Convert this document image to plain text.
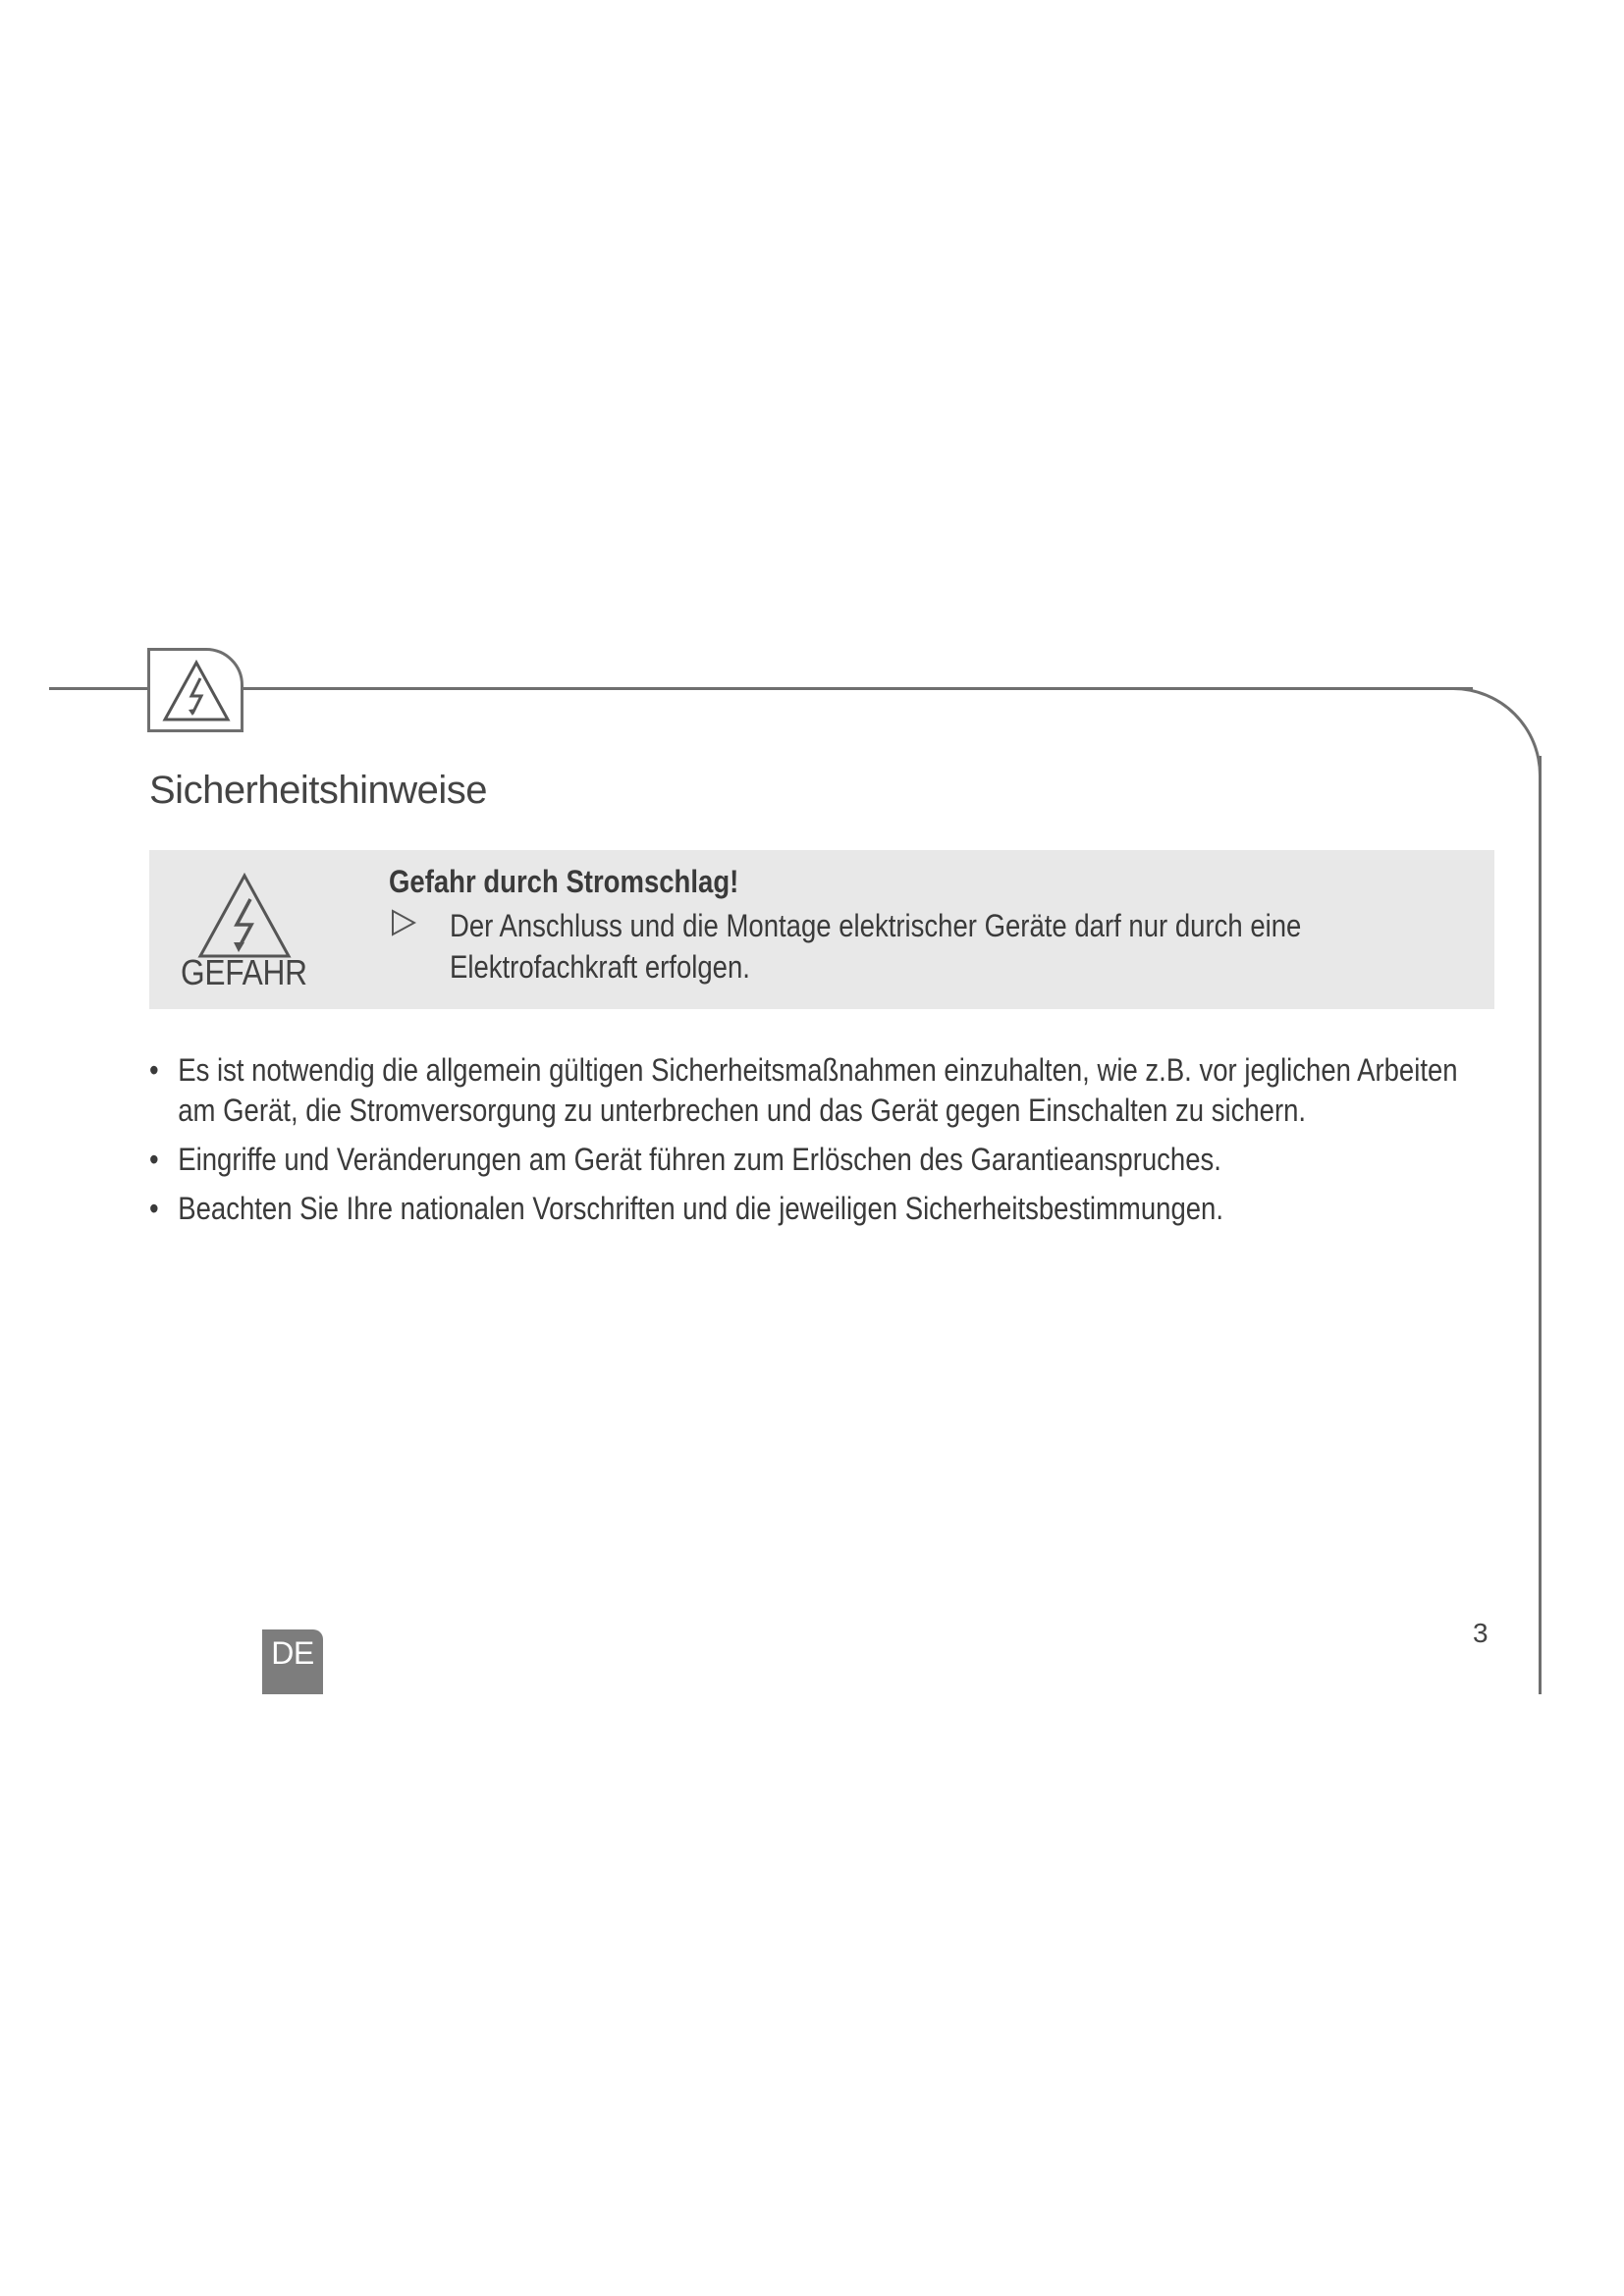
Sicherheitshinweise
GEFAHR
Gefahr durch Stromschlag!
Der Anschluss und die Montage elektrischer Geräte darf nur durch eine Elektrofachkraft erfolgen.
• Es ist notwendig die allgemein gültigen Sicherheitsmaßnahmen einzuhalten, wie z.B. vor jeglichen Arbeiten am Gerät, die Stromversorgung zu unterbrechen und das Gerät gegen Einschalten zu sichern.
• Eingriffe und Veränderungen am Gerät führen zum Erlöschen des Garantieanspruches.
• Beachten Sie Ihre nationalen Vorschriften und die jeweiligen Sicherheitsbestimmungen.
DE
3
